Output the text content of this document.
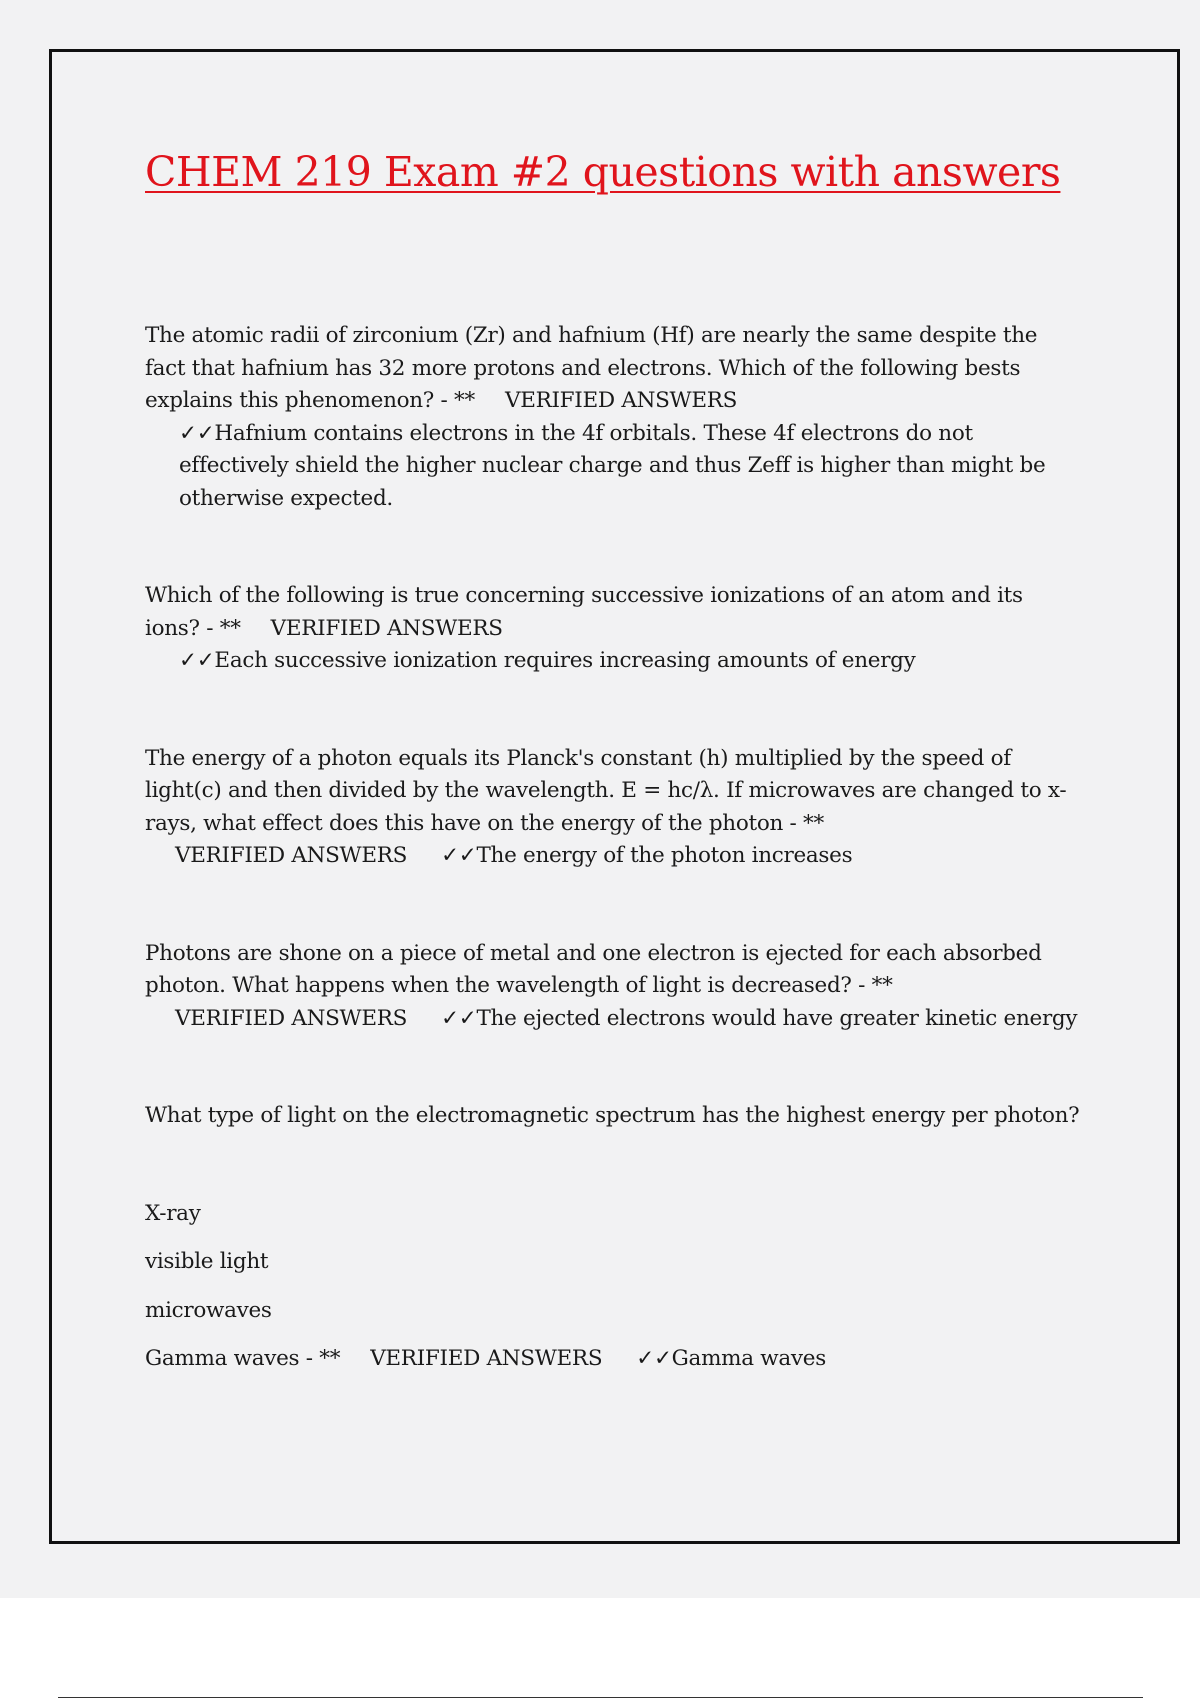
CHEM 219 Exam #2 questions with answers

The atomic radii of zirconium (Zr) and hafnium (Hf) are nearly the same despite the fact that hafnium has 32 more protons and electrons. Which of the following bests explains this phenomenon? - ** VERIFIED ANSWERS✓✓Hafnium contains electrons in the 4f orbitals. These 4f electrons do not effectively shield the higher nuclear charge and thus Zeff is higher than might be otherwise expected.

Which of the following is true concerning successive ionizations of an atom and its ions? - ** VERIFIED ANSWERS✓✓Each successive ionization requires increasing amounts of energy

The energy of a photon equals its Planck's constant (h) multiplied by the speed of light(c) and then divided by the wavelength. E = hc/λ. If microwaves are changed to x-rays, what effect does this have on the energy of the photon - **VERIFIED ANSWERS ✓✓The energy of the photon increases

Photons are shone on a piece of metal and one electron is ejected for each absorbed photon. What happens when the wavelength of light is decreased? - **VERIFIED ANSWERS ✓✓The ejected electrons would have greater kinetic energy

What type of light on the electromagnetic spectrum has the highest energy per photon?

X-ray
visible light
microwaves
Gamma waves - ** VERIFIED ANSWERS ✓✓Gamma waves
